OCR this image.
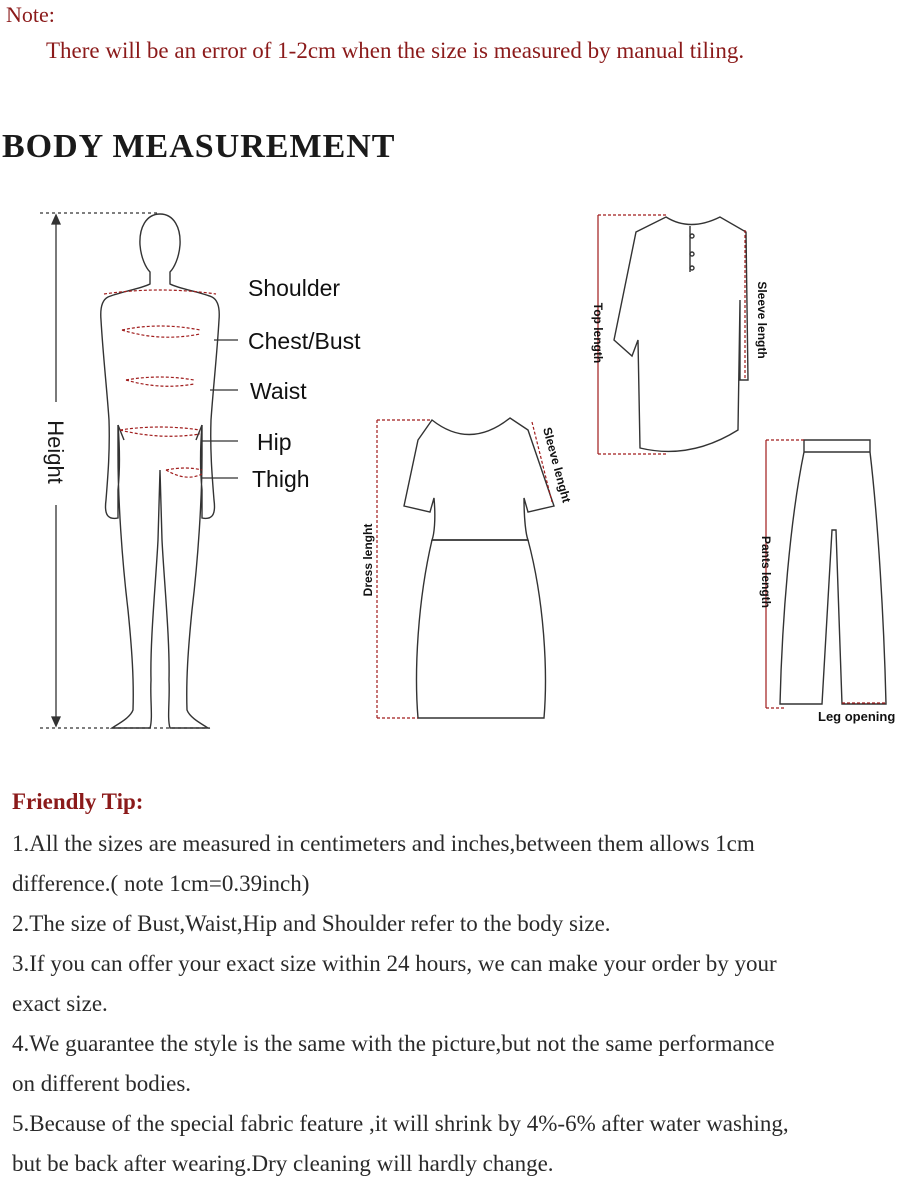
Note:
There will be an error of 1-2cm when the size is measured by manual tiling.
BODY MEASUREMENT
Height
Shoulder
Chest/Bust
Waist
Hip
Thigh
Dress lenght
Sleeve lenght
Top length	Sleeve length
Pants length
Leg opening
Friendly Tip:
1.All the sizes are measured in centimeters and inches,between them allows 1cm
difference.( note 1cm=0.39inch)
2.The size of Bust,Waist,Hip and Shoulder refer to the body size.
3.If you can offer your exact size within 24 hours, we can make your order by your
exact size.
4.We guarantee the style is the same with the picture,but not the same performance
on different bodies.
5.Because of the special fabric feature ,it will shrink by 4%-6% after water washing,
but be back after wearing.Dry cleaning will hardly change.
